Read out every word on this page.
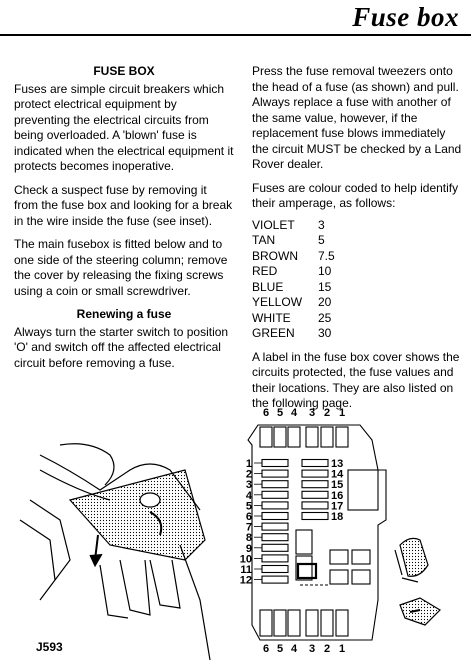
Fuse box
FUSE BOX

Fuses are simple circuit breakers which protect electrical equipment by preventing the electrical circuits from being overloaded. A 'blown' fuse is indicated when the electrical equipment it protects becomes inoperative.

Check a suspect fuse by removing it from the fuse box and looking for a break in the wire inside the fuse (see inset).

The main fusebox is fitted below and to one side of the steering column; remove the cover by releasing the fixing screws using a coin or small screwdriver.

Renewing a fuse

Always turn the starter switch to position 'O' and switch off the affected electrical circuit before removing a fuse.

Press the fuse removal tweezers onto the head of a fuse (as shown) and pull. Always replace a fuse with another of the same value, however, if the replacement fuse blows immediately the circuit MUST be checked by a Land Rover dealer.

Fuses are colour coded to help identify their amperage, as follows:

VIOLET	3
TAN	5
BROWN	7.5
RED	10
BLUE	15
YELLOW	20
WHITE	25
GREEN	30

A label in the fuse box cover shows the circuits protected, the fuse values and their locations. They are also listed on the following page.

6 5 4 3 2 1
6 5 4 3 2 1
1
2
3
4
5
6
7
8
9
10
11
12
13
14
15
16
17
18
J593
